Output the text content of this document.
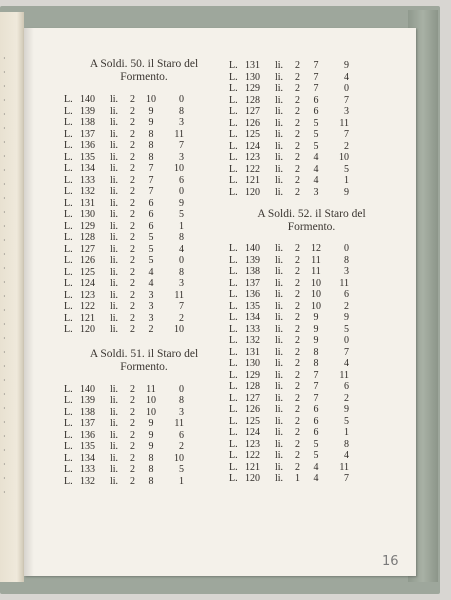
·
·
·
·
·
·
·
·
·
·
·
·
·
·
·
·
·
·
·
·
·
·
·
·
·
·
·
·
·
·
·
·

A Soldi. 50. il Staro del

Formento.

L. 140 li. 2	10	0
L. 139 li. 2	9	8
L. 138 li. 2	9	3
L. 137 li. 2	8	11
L. 136 li. 2	8	7
L. 135 li. 2	8	3
L. 134 li. 2	7	10
L. 133 li. 2	7	6
L. 132 li. 2	7	0
L. 131 li. 2	6	9
L. 130 li. 2	6	5
L. 129 li. 2	6	1
L. 128 li. 2	5	8
L. 127 li. 2	5	4
L. 126 li. 2	5	0
L. 125 li. 2	4	8
L. 124 li. 2	4	3
L. 123 li. 2	3	11
L. 122 li. 2	3	7
L. 121 li. 2	3	2
L. 120 li. 2	2	10

A Soldi. 51. il Staro del

Formento.

L. 140 li. 2	11	0
L. 139 li. 2	10	8
L. 138 li. 2	10	3
L. 137 li. 2	9	11
L. 136 li. 2	9	6
L. 135 li. 2	9	2
L. 134 li. 2	8	10
L. 133 li. 2	8	5
L. 132 li. 2	8	1
L. 131 li. 2	7	9
L. 130 li. 2	7	4
L. 129 li. 2	7	0
L. 128 li. 2	6	7
L. 127 li. 2	6	3
L. 126 li. 2	5	11
L. 125 li. 2	5	7
L. 124 li. 2	5	2
L. 123 li. 2	4	10
L. 122 li. 2	4	5
L. 121 li. 2	4	1
L. 120 li. 2	3	9

A Soldi. 52. il Staro del

Formento.

L. 140 li. 2	12	0
L. 139 li. 2	11	8
L. 138 li. 2	11	3
L. 137 li. 2	10	11
L. 136 li. 2	10	6
L. 135 li. 2	10	2
L. 134 li. 2	9	9
L. 133 li. 2	9	5
L. 132 li. 2	9	0
L. 131 li. 2	8	7
L. 130 li. 2	8	4
L. 129 li. 2	7	11
L. 128 li. 2	7	6
L. 127 li. 2	7	2
L. 126 li. 2	6	9
L. 125 li. 2	6	5
L. 124 li. 2	6	1
L. 123 li. 2	5	8
L. 122 li. 2	5	4
L. 121 li. 2	4	11
L. 120 li. 1	4	7
16
